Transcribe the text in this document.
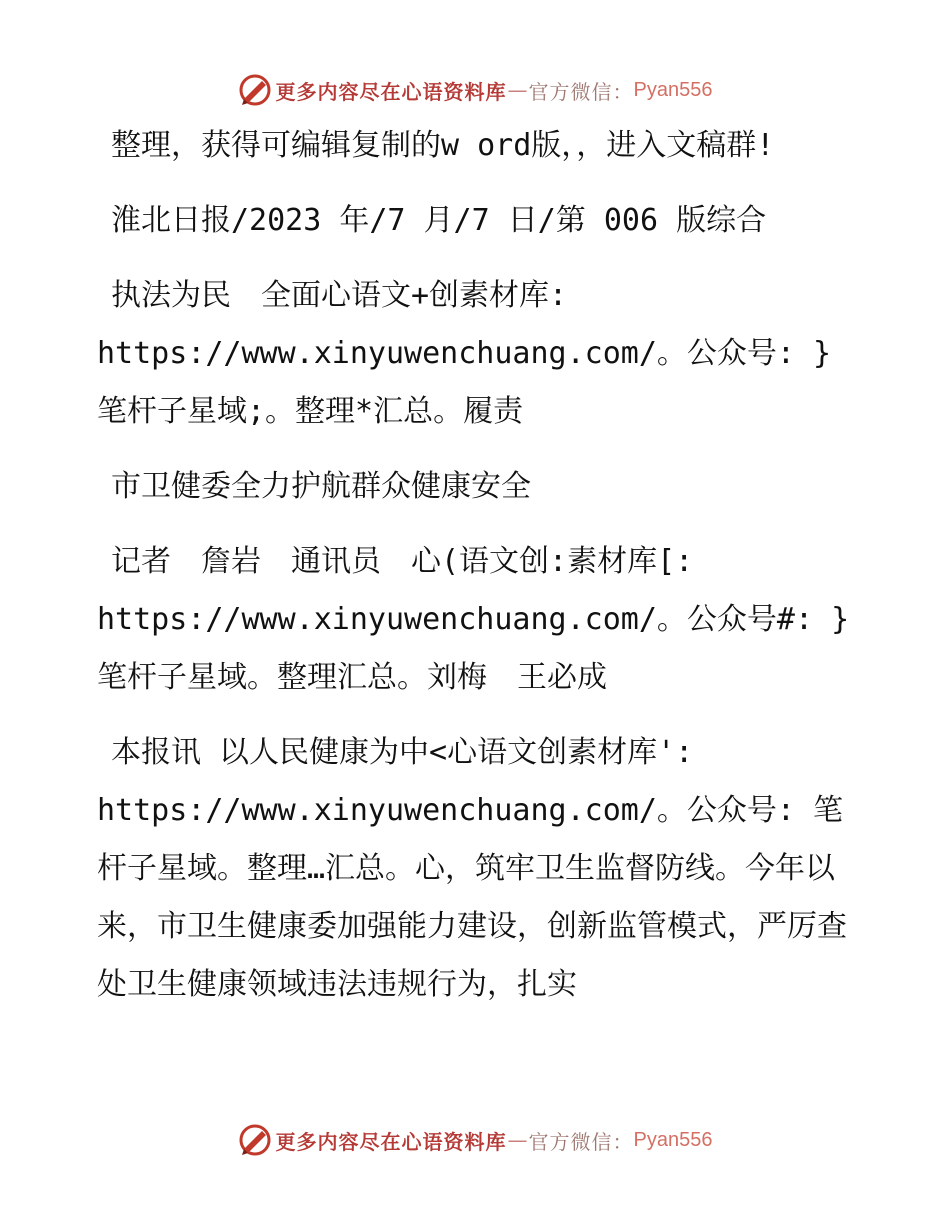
更多内容尽在心语资料库 — 官方微信： Pyan556

整理，获得可编辑复制的w ord版，，进入文稿群!

淮北日报/2023 年/7 月/7 日/第 006 版综合

执法为民　全面心语文+创素材库: https://www.xinyuwenchuang.com/。公众号: }笔杆子星域;。整理*汇总。履责

市卫健委全力护航群众健康安全

记者　詹岩　通讯员　心(语文创:素材库[: https://www.xinyuwenchuang.com/。公众号#: }笔杆子星域。整理汇总。刘梅　王必成

本报讯 以人民健康为中<心语文创素材库': https://www.xinyuwenchuang.com/。公众号: 笔杆子星域。整理…汇总。心，筑牢卫生监督防线。今年以来，市卫生健康委加强能力建设，创新监管模式，严厉查处卫生健康领域违法违规行为，扎实

更多内容尽在心语资料库 — 官方微信： Pyan556
